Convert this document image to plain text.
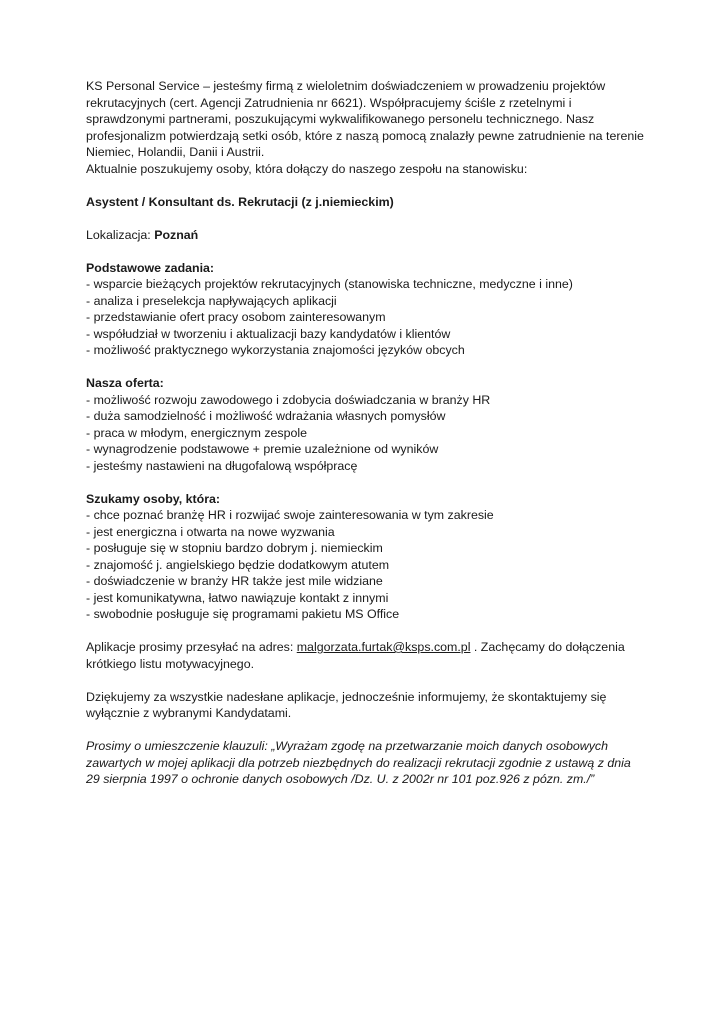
KS Personal Service – jesteśmy firmą z wieloletnim doświadczeniem w prowadzeniu projektów
rekrutacyjnych (cert. Agencji Zatrudnienia nr 6621). Współpracujemy ściśle z rzetelnymi i
sprawdzonymi partnerami, poszukującymi wykwalifikowanego personelu technicznego. Nasz
profesjonalizm potwierdzają setki osób, które z naszą pomocą znalazły pewne zatrudnienie na terenie
Niemiec, Holandii, Danii i Austrii.
Aktualnie poszukujemy osoby, która dołączy do naszego zespołu na stanowisku:
Asystent / Konsultant ds. Rekrutacji (z j.niemieckim)
Lokalizacja: Poznań
Podstawowe zadania:
- wsparcie bieżących projektów rekrutacyjnych (stanowiska techniczne, medyczne i inne)
- analiza i preselekcja napływających aplikacji
- przedstawianie ofert pracy osobom zainteresowanym
- współudział w tworzeniu i aktualizacji bazy kandydatów i klientów
- możliwość praktycznego wykorzystania znajomości języków obcych
Nasza oferta:
- możliwość rozwoju zawodowego i zdobycia doświadczania w branży HR
- duża samodzielność i możliwość wdrażania własnych pomysłów
- praca w młodym, energicznym zespole
- wynagrodzenie podstawowe + premie uzależnione od wyników
- jesteśmy nastawieni na długofalową współpracę
Szukamy osoby, która:
- chce poznać branżę HR i rozwijać swoje zainteresowania w tym zakresie
- jest energiczna i otwarta na nowe wyzwania
- posługuje się w stopniu bardzo dobrym j. niemieckim
- znajomość j. angielskiego będzie dodatkowym atutem
- doświadczenie w branży HR także jest mile widziane
- jest komunikatywna, łatwo nawiązuje kontakt z innymi
- swobodnie posługuje się programami pakietu MS Office
Aplikacje prosimy przesyłać na adres: malgorzata.furtak@ksps.com.pl . Zachęcamy do dołączenia
krótkiego listu motywacyjnego.
Dziękujemy za wszystkie nadesłane aplikacje, jednocześnie informujemy, że skontaktujemy się
wyłącznie z wybranymi Kandydatami.
Prosimy o umieszczenie klauzuli: „Wyrażam zgodę na przetwarzanie moich danych osobowych
zawartych w mojej aplikacji dla potrzeb niezbędnych do realizacji rekrutacji zgodnie z ustawą z dnia
29 sierpnia 1997 o ochronie danych osobowych /Dz. U. z 2002r nr 101 poz.926 z pózn. zm./”
